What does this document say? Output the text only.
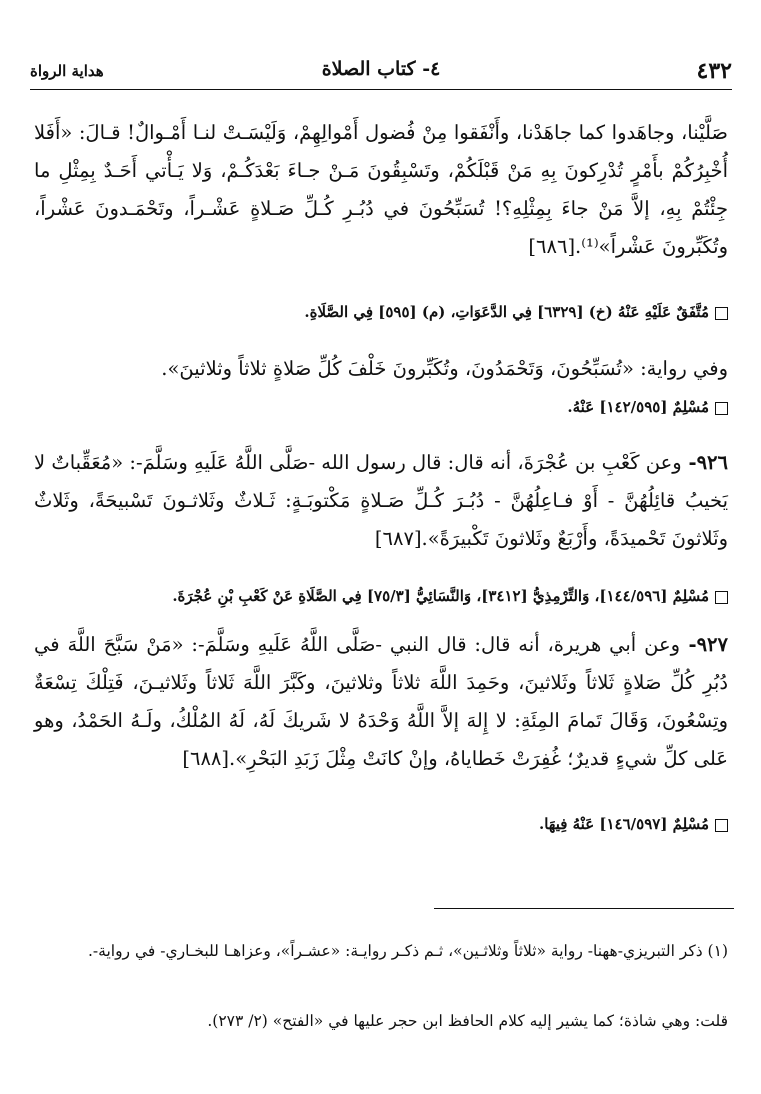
٤٣٢
٤- كتاب الصلاة
هداية الرواة
صَلَّيْنا، وجاهَدوا كما جاهَدْنا، وأَنْفَقوا مِنْ فُضول أَمْوالِهِمْ، وَلَيْسَـتْ لنـا أَمْـوالٌ! قـالَ: «أَفَلا أُخْبِرُكُمْ بأَمْرٍ تُدْرِكونَ بِهِ مَنْ قَبْلَكُمْ، وتَسْبِقُونَ مَـنْ جـاءَ بَعْدَكُـمْ، وَلا يَـأْتي أَحَـدٌ بِمِثْلِ ما جِئْتُمْ بِهِ، إلاَّ مَنْ جاءَ بِمِثْلِهِ؟! تُسَبِّحُونَ في دُبُـرِ كُـلِّ صَـلاةٍ عَشْـراً، وتَحْمَـدونَ عَشْراً، وتُكَبِّرونَ عَشْراً»⁽¹⁾.[٦٨٦]
مُتَّفَقٌ عَلَيْهِ عَنْهُ (خ) [٦٣٢٩] فِي الدَّعَوَاتِ، (م) [٥٩٥] فِي الصَّلَاةِ.
وفي رواية: «تُسَبِّحُونَ، وَتَحْمَدُونَ، وتُكَبِّرونَ خَلْفَ كُلِّ صَلاةٍ ثلاثاً وثلاثينَ».
مُسْلِمٌ [١٤٢/٥٩٥] عَنْهُ.
٩٢٦- وعن كَعْبِ بن عُجْرَةَ، أنه قال: قال رسول الله -صَلَّى اللَّهُ عَلَيهِ وسَلَّمَ-: «مُعَقِّباتٌ لا يَخيبُ قائِلُهُنَّ - أَوْ فـاعِلُهُنَّ - دُبُـرَ كُـلِّ صَـلاةٍ مَكْتوبَـةٍ: ثَـلاثٌ وثَلاثـونَ تَسْبيحَةً، وثَلاثٌ وثَلاثونَ تَحْميدَةً، وأَرْبَعٌ وثَلاثونَ تَكْبيرَةً».[٦٨٧]
مُسْلِمٌ [١٤٤/٥٩٦]، وَالتِّرْمِذِيُّ [٣٤١٢]، وَالنَّسَائِيُّ [٧٥/٣] فِي الصَّلَاةِ عَنْ كَعْبِ بْنِ عُجْرَةَ.
٩٢٧- وعن أبي هريرة، أنه قال: قال النبي -صَلَّى اللَّهُ عَلَيهِ وسَلَّمَ-: «مَنْ سَبَّحَ اللَّهَ في دُبُرِ كُلِّ صَلاةٍ ثَلاثاً وثَلاثينَ، وحَمِدَ اللَّهَ ثلاثاً وثلاثينَ، وكَبَّرَ اللَّهَ ثَلاثاً وثَلاثيـنَ، فَتِلْكَ تِسْعَةٌ وتِسْعُونَ، وَقَالَ تَمامَ المِئَةِ: لا إِلهَ إلاَّ اللَّهُ وَحْدَهُ لا شَريكَ لَهُ، لَهُ المُلْكُ، ولَـهُ الحَمْدُ، وهو عَلى كلِّ شيءٍ قديرٌ؛ غُفِرَتْ خَطاياهُ، وإنْ كانَتْ مِثْلَ زَبَدِ البَحْرِ».[٦٨٨]
مُسْلِمٌ [١٤٦/٥٩٧] عَنْهُ فِيهَا.
(١) ذكر التبريزي-ههنا- رواية «ثلاثاً وثلاثـين»، ثـم ذكـر روايـة: «عشـراً»، وعزاهـا للبخـاري- في رواية-.
قلت: وهي شاذة؛ كما يشير إليه كلام الحافظ ابن حجر عليها في «الفتح» (٢/ ٢٧٣).
